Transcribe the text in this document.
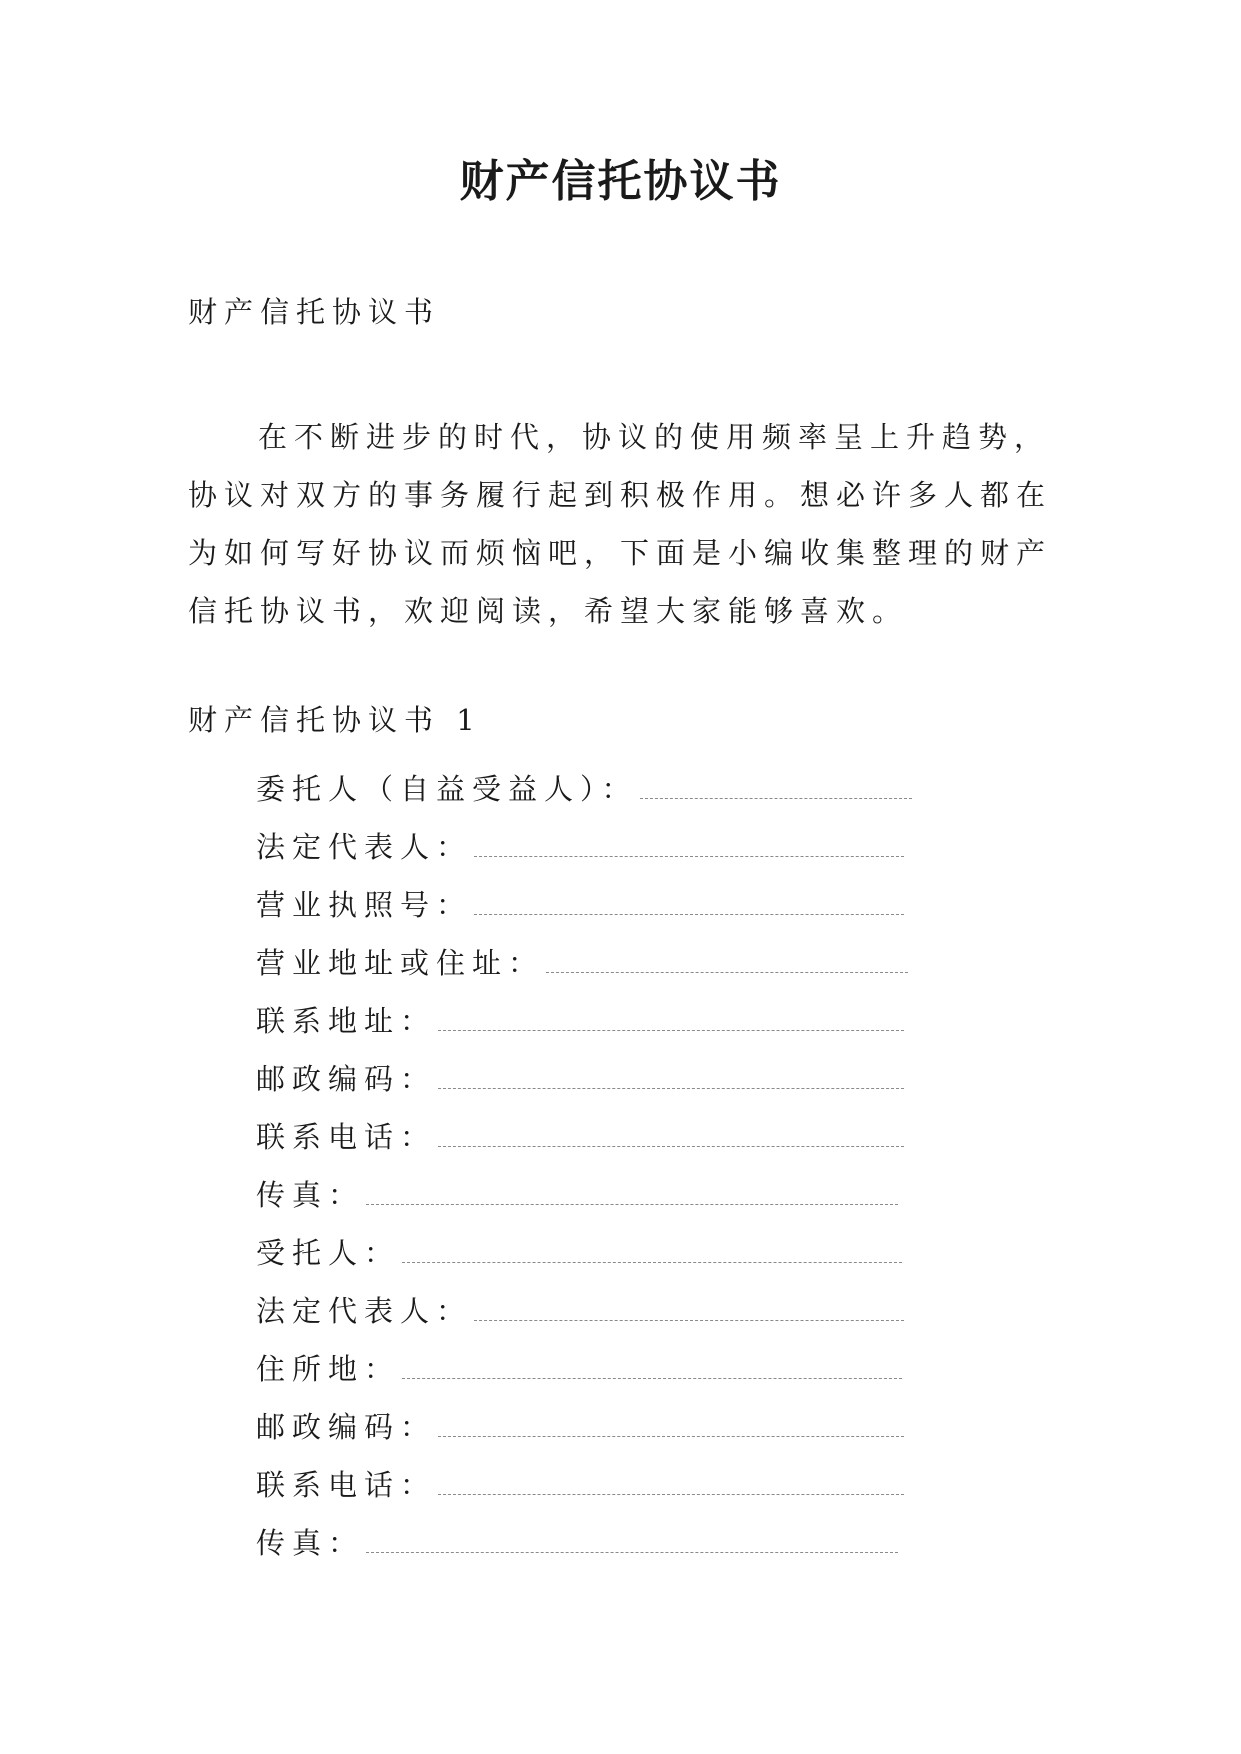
财产信托协议书
财产信托协议书

在不断进步的时代，协议的使用频率呈上升趋势，协议对双方的事务履行起到积极作用。想必许多人都在为如何写好协议而烦恼吧，下面是小编收集整理的财产信托协议书，欢迎阅读，希望大家能够喜欢。

财产信托协议书 1
委托人（自益受益人）：
法定代表人：
营业执照号：
营业地址或住址：
联系地址：
邮政编码：
联系电话：
传真：
受托人：
法定代表人：
住所地：
邮政编码：
联系电话：
传真：
